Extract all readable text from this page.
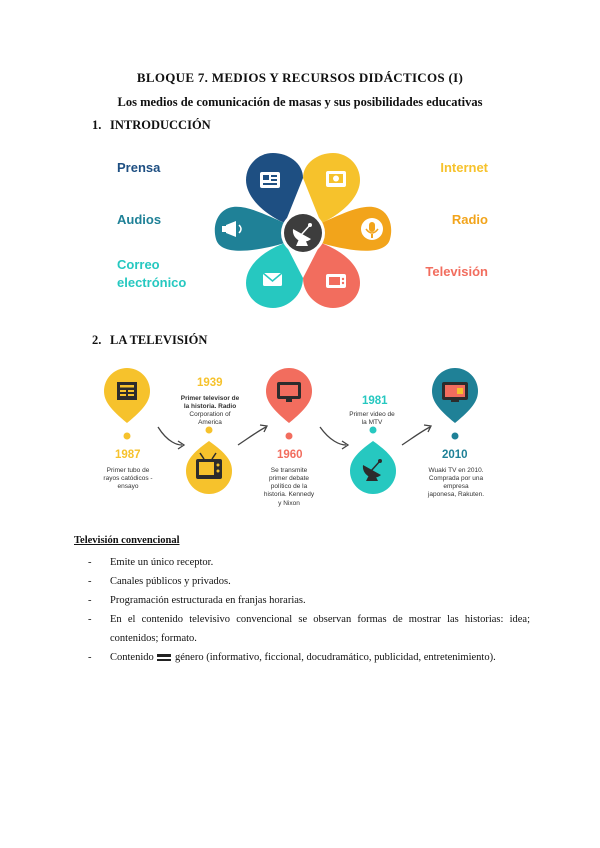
BLOQUE 7. MEDIOS Y RECURSOS DIDÁCTICOS (I)
Los medios de comunicación de masas y sus posibilidades educativas
1. INTRODUCCIÓN
Prensa
Audios
Correo
electrónico
Internet
Radio
Televisión
2. LA TELEVISIÓN
1939
Primer televisor de
la historia. Radio
Corporation of
America
1987
Primer tubo de
rayos catódicos -
ensayo
1960
Se transmite
primer debate
político de la
historia. Kennedy
y Nixon
1981
Primer video de
la MTV
2010
Wuaki TV en 2010.
Comprada por una empresa
japonesa, Rakuten.
Televisión convencional
- Emite un único receptor.
- Canales públicos y privados.
- Programación estructurada en franjas horarias.
- En el contenido televisivo convencional se observan formas de mostrar las historias: idea; contenidos; formato.
- Contenido género (informativo, ficcional, docudramático, publicidad, entretenimiento).
